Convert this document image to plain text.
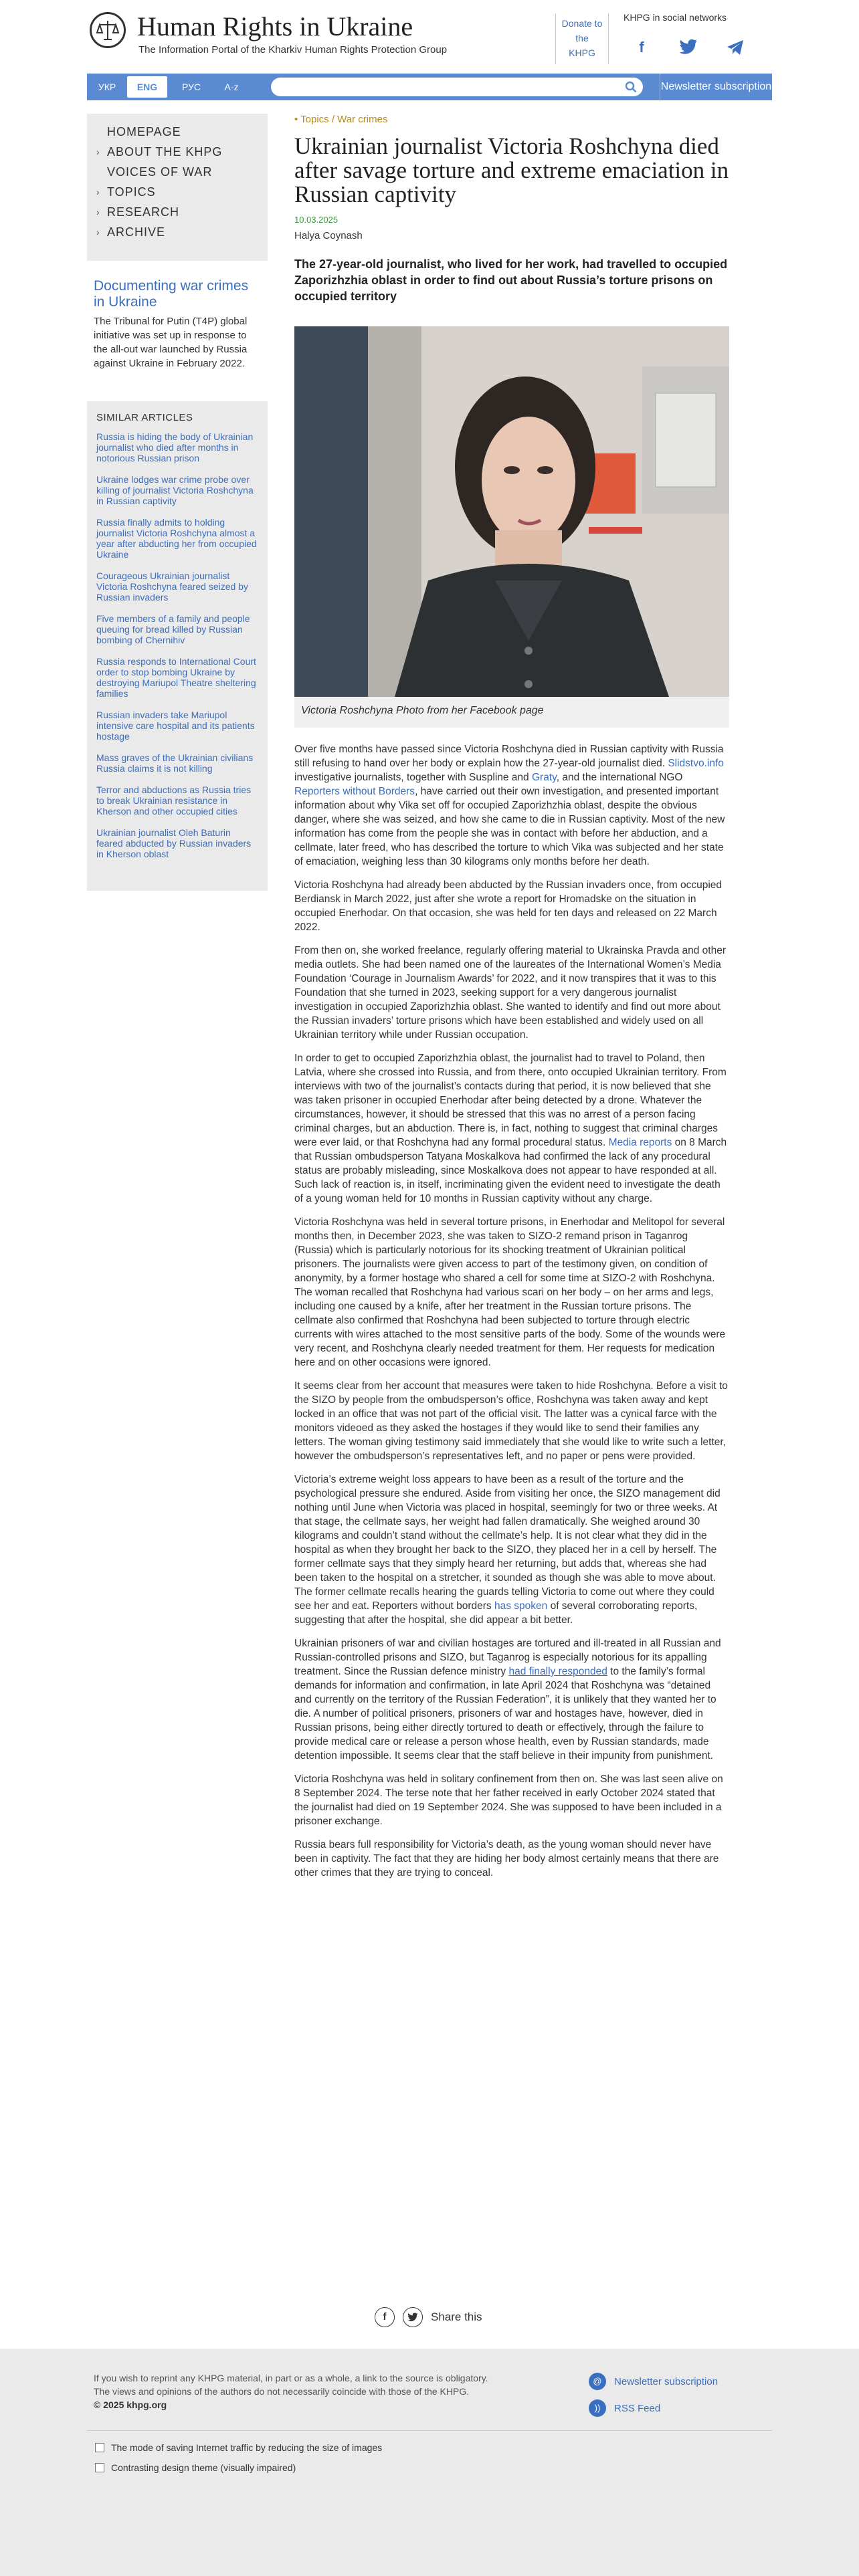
Human Rights in Ukraine
The Information Portal of the Kharkiv Human Rights Protection Group
Donate to the KHPG
KHPG in social networks
f
УКР	ENG	РУС	A-z	Newsletter subscription
HOMEPAGE
› ABOUT THE KHPG
VOICES OF WAR
› TOPICS
› RESEARCH
› ARCHIVE
Documenting war crimes in Ukraine
The Tribunal for Putin (T4P) global initiative was set up in response to the all-out war launched by Russia against Ukraine in February 2022.
SIMILAR ARTICLES
Russia is hiding the body of Ukrainian journalist who died after months in notorious Russian prison
Ukraine lodges war crime probe over killing of journalist Victoria Roshchyna in Russian captivity
Russia finally admits to holding journalist Victoria Roshchyna almost a year after abducting her from occupied Ukraine
Courageous Ukrainian journalist Victoria Roshchyna feared seized by Russian invaders
Five members of a family and people queuing for bread killed by Russian bombing of Chernihiv
Russia responds to International Court order to stop bombing Ukraine by destroying Mariupol Theatre sheltering families
Russian invaders take Mariupol intensive care hospital and its patients hostage
Mass graves of the Ukrainian civilians Russia claims it is not killing
Terror and abductions as Russia tries to break Ukrainian resistance in Kherson and other occupied cities
Ukrainian journalist Oleh Baturin feared abducted by Russian invaders in Kherson oblast
• Topics / War crimes
Ukrainian journalist Victoria Roshchyna died after savage torture and extreme emaciation in Russian captivity
10.03.2025
Halya Coynash
The 27-year-old journalist, who lived for her work, had travelled to occupied Zaporizhzhia oblast in order to find out about Russia’s torture prisons on occupied territory
Victoria Roshchyna Photo from her Facebook page

Over five months have passed since Victoria Roshchyna died in Russian captivity with Russia still refusing to hand over her body or explain how the 27-year-old journalist died. Slidstvo.info investigative journalists, together with Suspline and Graty, and the international NGO Reporters without Borders, have carried out their own investigation, and presented important information about why Vika set off for occupied Zaporizhzhia oblast, despite the obvious danger, where she was seized, and how she came to die in Russian captivity. Most of the new information has come from the people she was in contact with before her abduction, and a cellmate, later freed, who has described the torture to which Vika was subjected and her state of emaciation, weighing less than 30 kilograms only months before her death.

Victoria Roshchyna had already been abducted by the Russian invaders once, from occupied Berdiansk in March 2022, just after she wrote a report for Hromadske on the situation in occupied Enerhodar. On that occasion, she was held for ten days and released on 22 March 2022.

From then on, she worked freelance, regularly offering material to Ukrainska Pravda and other media outlets. She had been named one of the laureates of the International Women’s Media Foundation ‘Courage in Journalism Awards’ for 2022, and it now transpires that it was to this Foundation that she turned in 2023, seeking support for a very dangerous journalist investigation in occupied Zaporizhzhia oblast. She wanted to identify and find out more about the Russian invaders’ torture prisons which have been established and widely used on all Ukrainian territory while under Russian occupation.

In order to get to occupied Zaporizhzhia oblast, the journalist had to travel to Poland, then Latvia, where she crossed into Russia, and from there, onto occupied Ukrainian territory. From interviews with two of the journalist’s contacts during that period, it is now believed that she was taken prisoner in occupied Enerhodar after being detected by a drone. Whatever the circumstances, however, it should be stressed that this was no arrest of a person facing criminal charges, but an abduction. There is, in fact, nothing to suggest that criminal charges were ever laid, or that Roshchyna had any formal procedural status. Media reports on 8 March that Russian ombudsperson Tatyana Moskalkova had confirmed the lack of any procedural status are probably misleading, since Moskalkova does not appear to have responded at all. Such lack of reaction is, in itself, incriminating given the evident need to investigate the death of a young woman held for 10 months in Russian captivity without any charge.

Victoria Roshchyna was held in several torture prisons, in Enerhodar and Melitopol for several months then, in December 2023, she was taken to SIZO-2 remand prison in Taganrog (Russia) which is particularly notorious for its shocking treatment of Ukrainian political prisoners. The journalists were given access to part of the testimony given, on condition of anonymity, by a former hostage who shared a cell for some time at SIZO-2 with Roshchyna. The woman recalled that Roshchyna had various scari on her body – on her arms and legs, including one caused by a knife, after her treatment in the Russian torture prisons. The cellmate also confirmed that Roshchyna had been subjected to torture through electric currents with wires attached to the most sensitive parts of the body. Some of the wounds were very recent, and Roshchyna clearly needed treatment for them. Her requests for medication here and on other occasions were ignored.

It seems clear from her account that measures were taken to hide Roshchyna. Before a visit to the SIZO by people from the ombudsperson’s office, Roshchyna was taken away and kept locked in an office that was not part of the official visit. The latter was a cynical farce with the monitors videoed as they asked the hostages if they would like to send their families any letters. The woman giving testimony said immediately that she would like to write such a letter, however the ombudsperson’s representatives left, and no paper or pens were provided.

Victoria’s extreme weight loss appears to have been as a result of the torture and the psychological pressure she endured. Aside from visiting her once, the SIZO management did nothing until June when Victoria was placed in hospital, seemingly for two or three weeks. At that stage, the cellmate says, her weight had fallen dramatically. She weighed around 30 kilograms and couldn’t stand without the cellmate’s help. It is not clear what they did in the hospital as when they brought her back to the SIZO, they placed her in a cell by herself. The former cellmate says that they simply heard her returning, but adds that, whereas she had been taken to the hospital on a stretcher, it sounded as though she was able to move about. The former cellmate recalls hearing the guards telling Victoria to come out where they could see her and eat. Reporters without borders has spoken of several corroborating reports, suggesting that after the hospital, she did appear a bit better.

Ukrainian prisoners of war and civilian hostages are tortured and ill-treated in all Russian and Russian-controlled prisons and SIZO, but Taganrog is especially notorious for its appalling treatment. Since the Russian defence ministry had finally responded to the family’s formal demands for information and confirmation, in late April 2024 that Roshchyna was “detained and currently on the territory of the Russian Federation”, it is unlikely that they wanted her to die. A number of political prisoners, prisoners of war and hostages have, however, died in Russian prisons, being either directly tortured to death or effectively, through the failure to provide medical care or release a person whose health, even by Russian standards, made detention impossible. It seems clear that the staff believe in their impunity from punishment.

Victoria Roshchyna was held in solitary confinement from then on. She was last seen alive on 8 September 2024. The terse note that her father received in early October 2024 stated that the journalist had died on 19 September 2024. She was supposed to have been included in a prisoner exchange.

Russia bears full responsibility for Victoria’s death, as the young woman should never have been in captivity. The fact that they are hiding her body almost certainly means that there are other crimes that they are trying to conceal.

f	Share this
If you wish to reprint any KHPG material, in part or as a whole, a link to the source is obligatory.
The views and opinions of the authors do not necessarily coincide with those of the KHPG.
© 2025 khpg.org
@	Newsletter subscription
))	RSS Feed
The mode of saving Internet traffic by reducing the size of images
Contrasting design theme (visually impaired)
